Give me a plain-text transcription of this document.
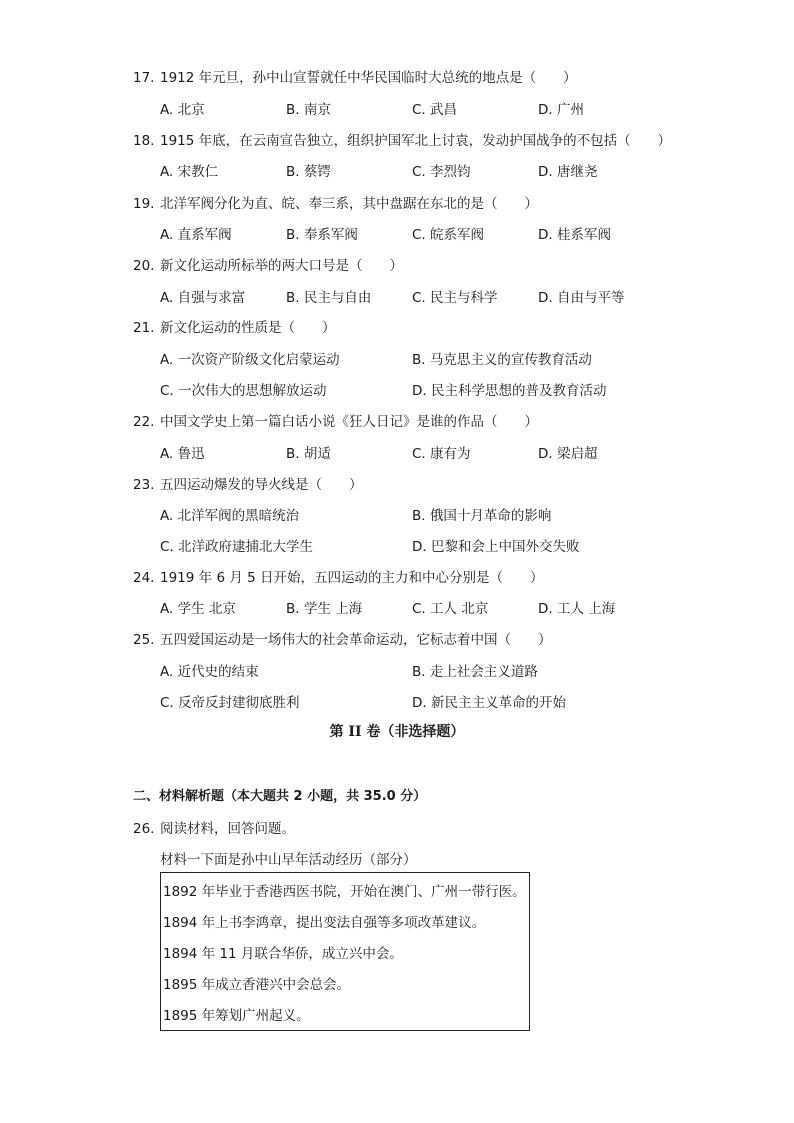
17. 1912 年元旦，孙中山宣誓就任中华民国临时大总统的地点是（　　）
A. 北京	B. 南京	C. 武昌	D. 广州
18. 1915 年底，在云南宣告独立，组织护国军北上讨袁，发动护国战争的不包括（　　）
A. 宋教仁	B. 蔡锷	C. 李烈钧	D. 唐继尧
19. 北洋军阀分化为直、皖、奉三系，其中盘踞在东北的是（　　）
A. 直系军阀	B. 奉系军阀	C. 皖系军阀	D. 桂系军阀
20. 新文化运动所标举的两大口号是（　　）
A. 自强与求富	B. 民主与自由	C. 民主与科学	D. 自由与平等
21. 新文化运动的性质是（　　）
A. 一次资产阶级文化启蒙运动	B. 马克思主义的宣传教育活动
C. 一次伟大的思想解放运动	D. 民主科学思想的普及教育活动
22. 中国文学史上第一篇白话小说《狂人日记》是谁的作品（　　）
A. 鲁迅	B. 胡适	C. 康有为	D. 梁启超
23. 五四运动爆发的导火线是（　　）
A. 北洋军阀的黑暗统治	B. 俄国十月革命的影响
C. 北洋政府逮捕北大学生	D. 巴黎和会上中国外交失败
24. 1919 年 6 月 5 日开始，五四运动的主力和中心分别是（　　）
A. 学生 北京	B. 学生 上海	C. 工人 北京	D. 工人 上海
25. 五四爱国运动是一场伟大的社会革命运动，它标志着中国（　　）
A. 近代史的结束	B. 走上社会主义道路
C. 反帝反封建彻底胜利	D. 新民主主义革命的开始
第 II 卷（非选择题）
二、材料解析题（本大题共 2 小题，共 35.0 分）
26. 阅读材料，回答问题。
材料一下面是孙中山早年活动经历（部分）
1892 年毕业于香港西医书院，开始在澳门、广州一带行医。
1894 年上书李鸿章，提出变法自强等多项改革建议。
1894 年 11 月联合华侨，成立兴中会。
1895 年成立香港兴中会总会。
1895 年筹划广州起义。
